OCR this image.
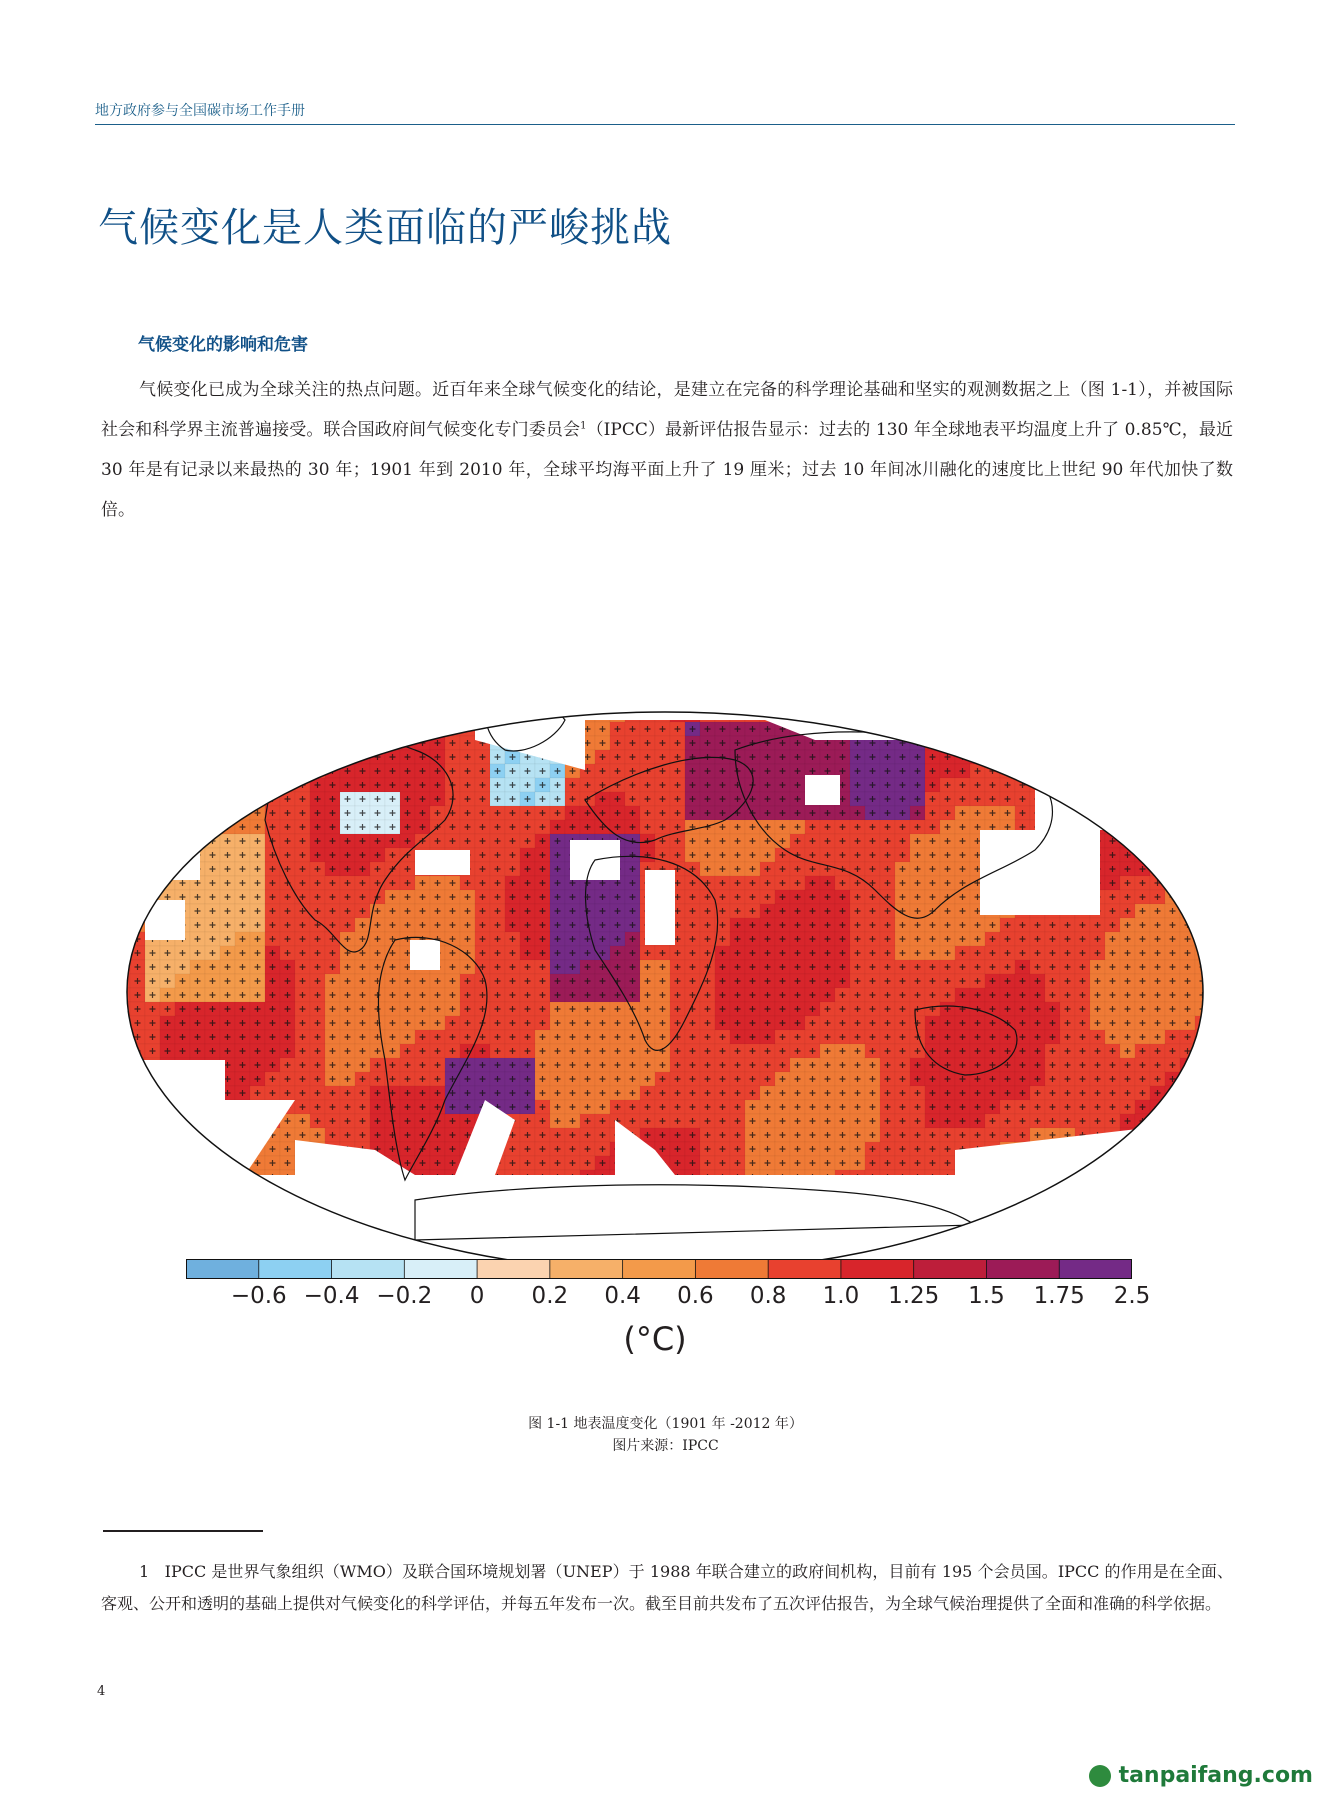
地方政府参与全国碳市场工作手册
气候变化是人类面临的严峻挑战
气候变化的影响和危害

气候变化已成为全球关注的热点问题。近百年来全球气候变化的结论，是建立在完备的科学理论基础和坚实的观测数据之上（图 1-1），并被国际社会和科学界主流普遍接受。联合国政府间气候变化专门委员会$^1$（IPCC）最新评估报告显示：过去的 130 年全球地表平均温度上升了 0.85℃，最近 30 年是有记录以来最热的 30 年；1901 年到 2010 年，全球平均海平面上升了 19 厘米；过去 10 年间冰川融化的速度比上世纪 90 年代加快了数倍。

−0.6 −0.4 −0.2 0 0.2 0.4 0.6 0.8 1.0 1.25 1.5 1.75 2.5
(°C)
图 1-1 地表温度变化（1901 年 -2012 年）
图片来源：IPCC

1 IPCC 是世界气象组织（WMO）及联合国环境规划署（UNEP）于 1988 年联合建立的政府间机构，目前有 195 个会员国。IPCC 的作用是在全面、客观、公开和透明的基础上提供对气候变化的科学评估，并每五年发布一次。截至目前共发布了五次评估报告，为全球气候治理提供了全面和准确的科学依据。

4
tanpaifang.com
